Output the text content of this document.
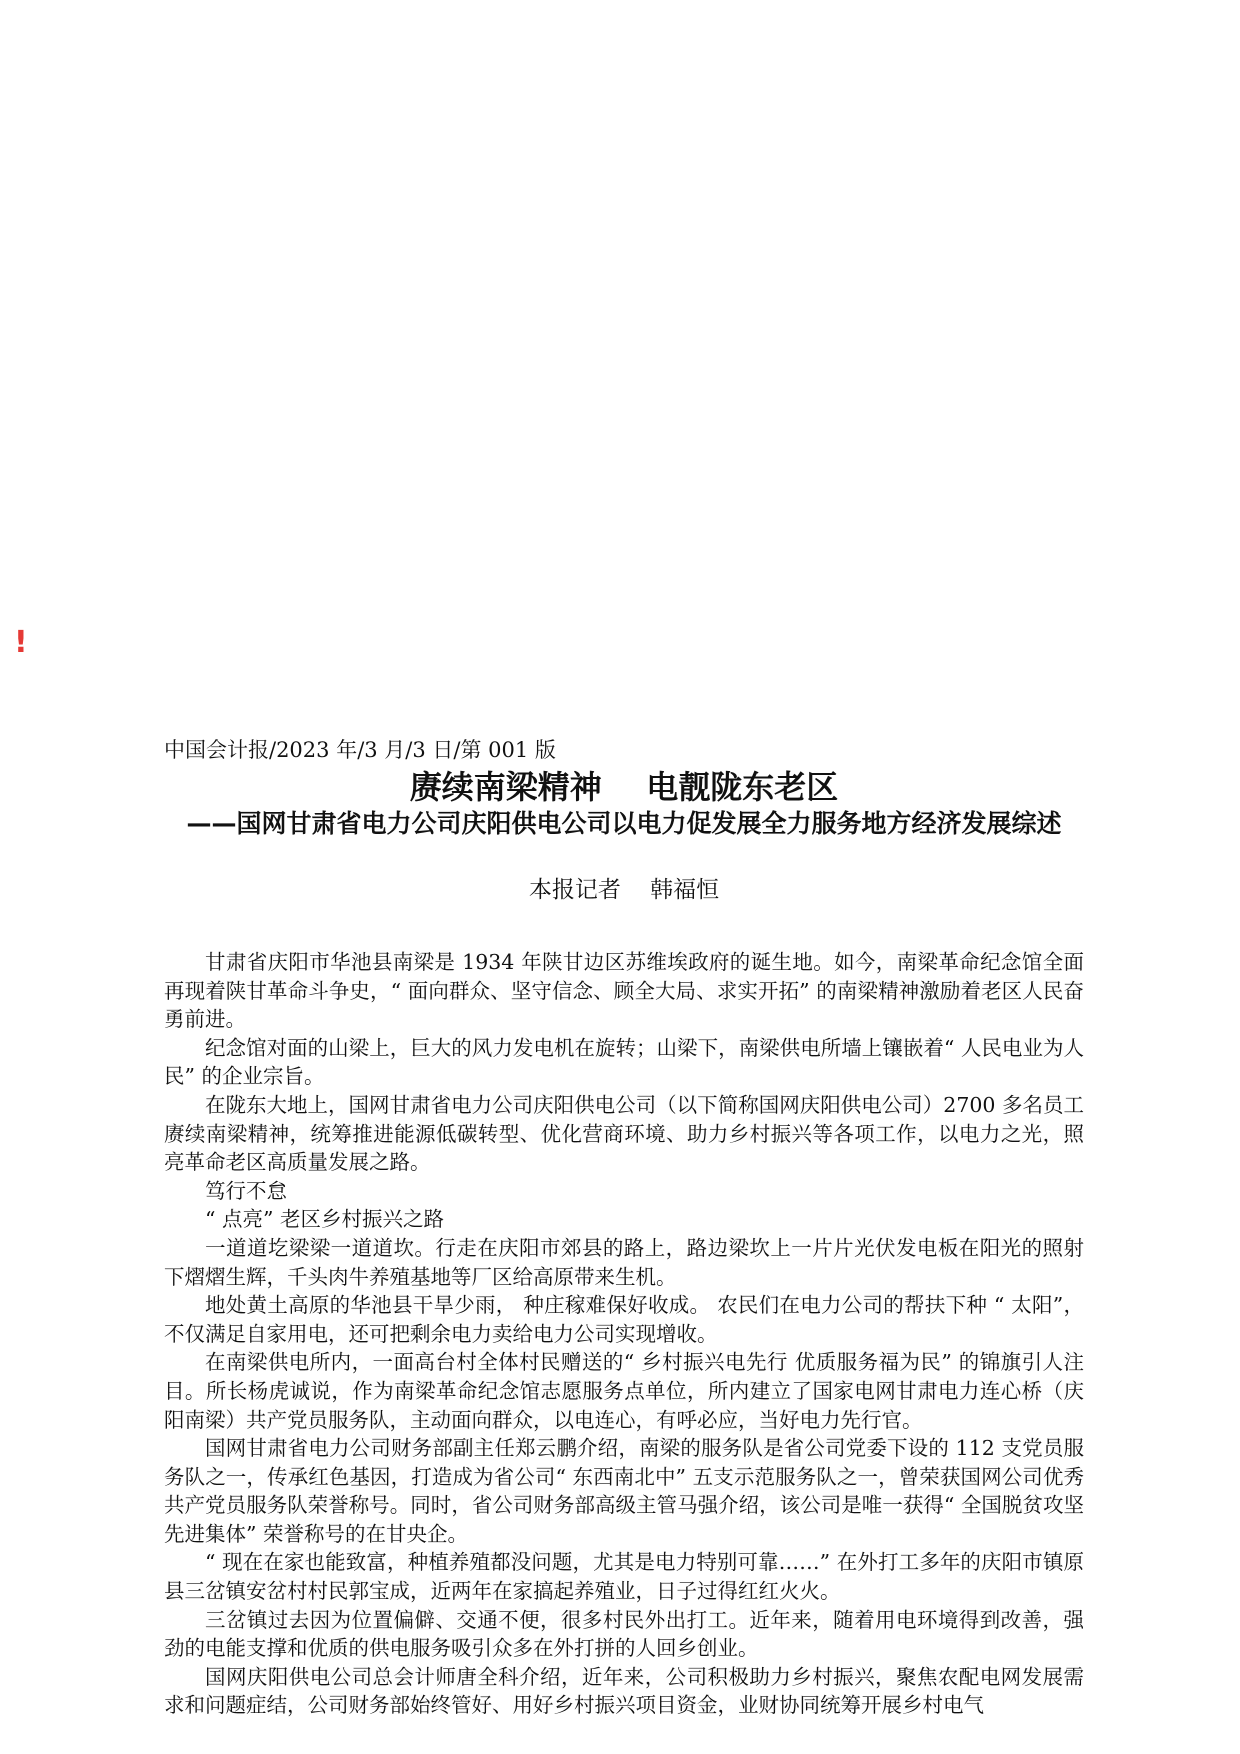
!

中国会计报/2023 年/3 月/3 日/第 001 版

赓续南梁精神    电靓陇东老区
——国网甘肃省电力公司庆阳供电公司以电力促发展全力服务地方经济发展综述

本报记者    韩福恒

甘肃省庆阳市华池县南梁是 1934 年陕甘边区苏维埃政府的诞生地。如今，南梁革命纪念馆全面再现着陕甘革命斗争史，“ 面向群众、坚守信念、顾全大局、求实开拓” 的南梁精神激励着老区人民奋勇前进。

纪念馆对面的山梁上，巨大的风力发电机在旋转；山梁下，南梁供电所墙上镶嵌着“ 人民电业为人民” 的企业宗旨。

在陇东大地上，国网甘肃省电力公司庆阳供电公司（以下简称国网庆阳供电公司）2700 多名员工赓续南梁精神，统筹推进能源低碳转型、优化营商环境、助力乡村振兴等各项工作，以电力之光，照亮革命老区高质量发展之路。

笃行不怠

“ 点亮” 老区乡村振兴之路

一道道圪梁梁一道道坎。行走在庆阳市郊县的路上，路边梁坎上一片片光伏发电板在阳光的照射下熠熠生辉，千头肉牛养殖基地等厂区给高原带来生机。

地处黄土高原的华池县干旱少雨， 种庄稼难保好收成。 农民们在电力公司的帮扶下种 “ 太阳”，不仅满足自家用电，还可把剩余电力卖给电力公司实现增收。

在南梁供电所内，一面高台村全体村民赠送的“ 乡村振兴电先行 优质服务福为民” 的锦旗引人注目。所长杨虎诚说，作为南梁革命纪念馆志愿服务点单位，所内建立了国家电网甘肃电力连心桥（庆阳南梁）共产党员服务队，主动面向群众，以电连心，有呼必应，当好电力先行官。

国网甘肃省电力公司财务部副主任郑云鹏介绍，南梁的服务队是省公司党委下设的 112 支党员服务队之一，传承红色基因，打造成为省公司“ 东西南北中” 五支示范服务队之一，曾荣获国网公司优秀共产党员服务队荣誉称号。同时，省公司财务部高级主管马强介绍，该公司是唯一获得“ 全国脱贫攻坚先进集体” 荣誉称号的在甘央企。

“ 现在在家也能致富，种植养殖都没问题，尤其是电力特别可靠……” 在外打工多年的庆阳市镇原县三岔镇安岔村村民郭宝成，近两年在家搞起养殖业，日子过得红红火火。

三岔镇过去因为位置偏僻、交通不便，很多村民外出打工。近年来，随着用电环境得到改善，强劲的电能支撑和优质的供电服务吸引众多在外打拼的人回乡创业。

国网庆阳供电公司总会计师唐全科介绍，近年来，公司积极助力乡村振兴，聚焦农配电网发展需求和问题症结，公司财务部始终管好、用好乡村振兴项目资金，业财协同统筹开展乡村电气
